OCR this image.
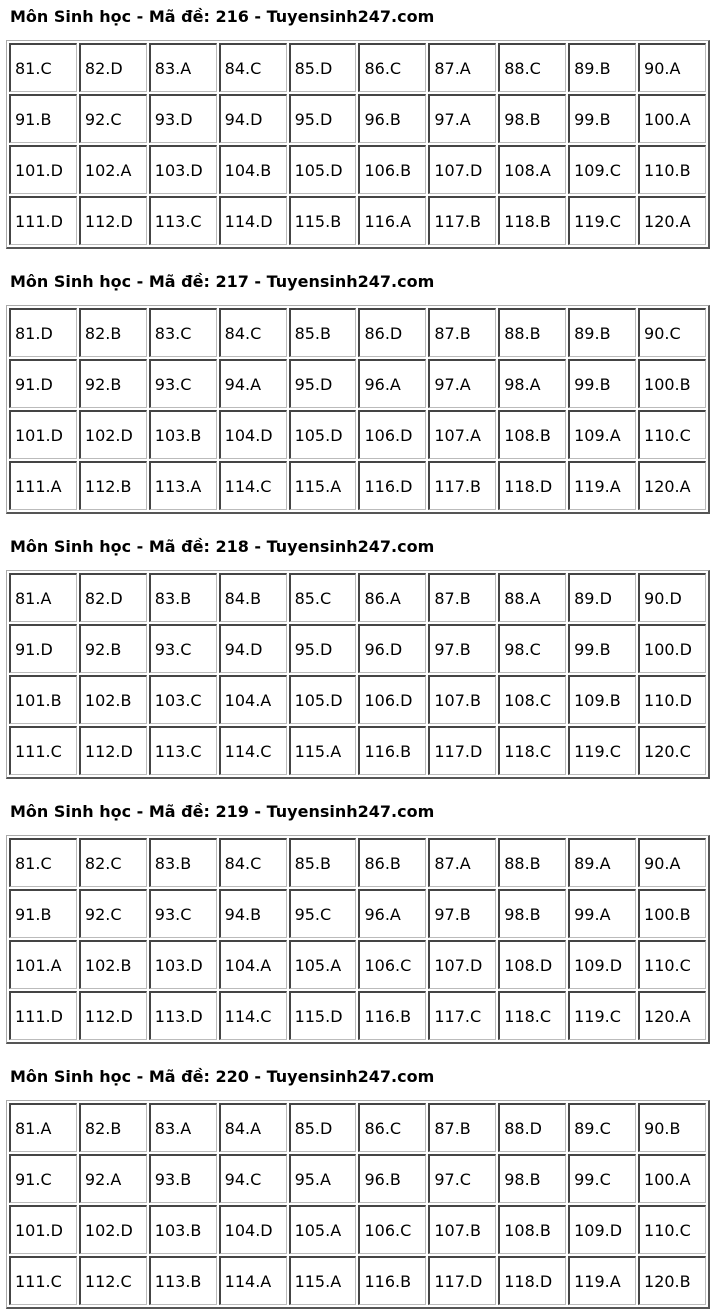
Môn Sinh học - Mã đề: 216 - Tuyensinh247.com
81.C	82.D	83.A	84.C	85.D	86.C	87.A	88.C	89.B	90.A
91.B	92.C	93.D	94.D	95.D	96.B	97.A	98.B	99.B	100.A
101.D	102.A	103.D	104.B	105.D	106.B	107.D	108.A	109.C	110.B
111.D	112.D	113.C	114.D	115.B	116.A	117.B	118.B	119.C	120.A
Môn Sinh học - Mã đề: 217 - Tuyensinh247.com
81.D	82.B	83.C	84.C	85.B	86.D	87.B	88.B	89.B	90.C
91.D	92.B	93.C	94.A	95.D	96.A	97.A	98.A	99.B	100.B
101.D	102.D	103.B	104.D	105.D	106.D	107.A	108.B	109.A	110.C
111.A	112.B	113.A	114.C	115.A	116.D	117.B	118.D	119.A	120.A
Môn Sinh học - Mã đề: 218 - Tuyensinh247.com
81.A	82.D	83.B	84.B	85.C	86.A	87.B	88.A	89.D	90.D
91.D	92.B	93.C	94.D	95.D	96.D	97.B	98.C	99.B	100.D
101.B	102.B	103.C	104.A	105.D	106.D	107.B	108.C	109.B	110.D
111.C	112.D	113.C	114.C	115.A	116.B	117.D	118.C	119.C	120.C
Môn Sinh học - Mã đề: 219 - Tuyensinh247.com
81.C	82.C	83.B	84.C	85.B	86.B	87.A	88.B	89.A	90.A
91.B	92.C	93.C	94.B	95.C	96.A	97.B	98.B	99.A	100.B
101.A	102.B	103.D	104.A	105.A	106.C	107.D	108.D	109.D	110.C
111.D	112.D	113.D	114.C	115.D	116.B	117.C	118.C	119.C	120.A
Môn Sinh học - Mã đề: 220 - Tuyensinh247.com
81.A	82.B	83.A	84.A	85.D	86.C	87.B	88.D	89.C	90.B
91.C	92.A	93.B	94.C	95.A	96.B	97.C	98.B	99.C	100.A
101.D	102.D	103.B	104.D	105.A	106.C	107.B	108.B	109.D	110.C
111.C	112.C	113.B	114.A	115.A	116.B	117.D	118.D	119.A	120.B
